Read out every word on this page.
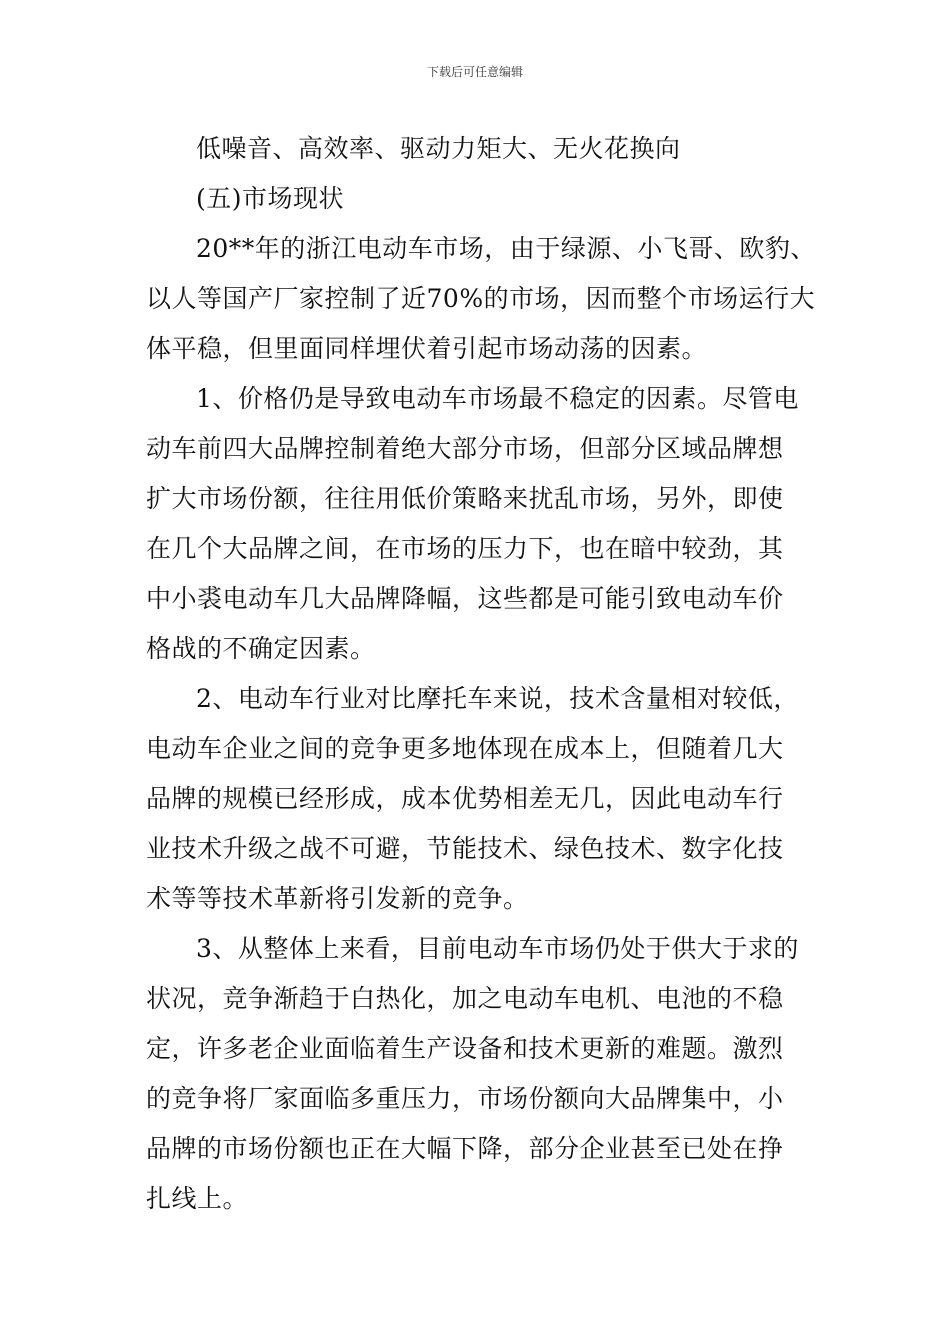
下载后可任意编辑
低噪音、高效率、驱动力矩大、无火花换向
(五)市场现状
20**年的浙江电动车市场，由于绿源、小飞哥、欧豹、
以人等国产厂家控制了近70%的市场，因而整个市场运行大
体平稳，但里面同样埋伏着引起市场动荡的因素。
1、价格仍是导致电动车市场最不稳定的因素。尽管电
动车前四大品牌控制着绝大部分市场，但部分区域品牌想
扩大市场份额，往往用低价策略来扰乱市场，另外，即使
在几个大品牌之间，在市场的压力下，也在暗中较劲，其
中小裘电动车几大品牌降幅，这些都是可能引致电动车价
格战的不确定因素。
2、电动车行业对比摩托车来说，技术含量相对较低，
电动车企业之间的竞争更多地体现在成本上，但随着几大
品牌的规模已经形成，成本优势相差无几，因此电动车行
业技术升级之战不可避，节能技术、绿色技术、数字化技
术等等技术革新将引发新的竞争。
3、从整体上来看，目前电动车市场仍处于供大于求的
状况，竞争渐趋于白热化，加之电动车电机、电池的不稳
定，许多老企业面临着生产设备和技术更新的难题。激烈
的竞争将厂家面临多重压力，市场份额向大品牌集中，小
品牌的市场份额也正在大幅下降，部分企业甚至已处在挣
扎线上。
